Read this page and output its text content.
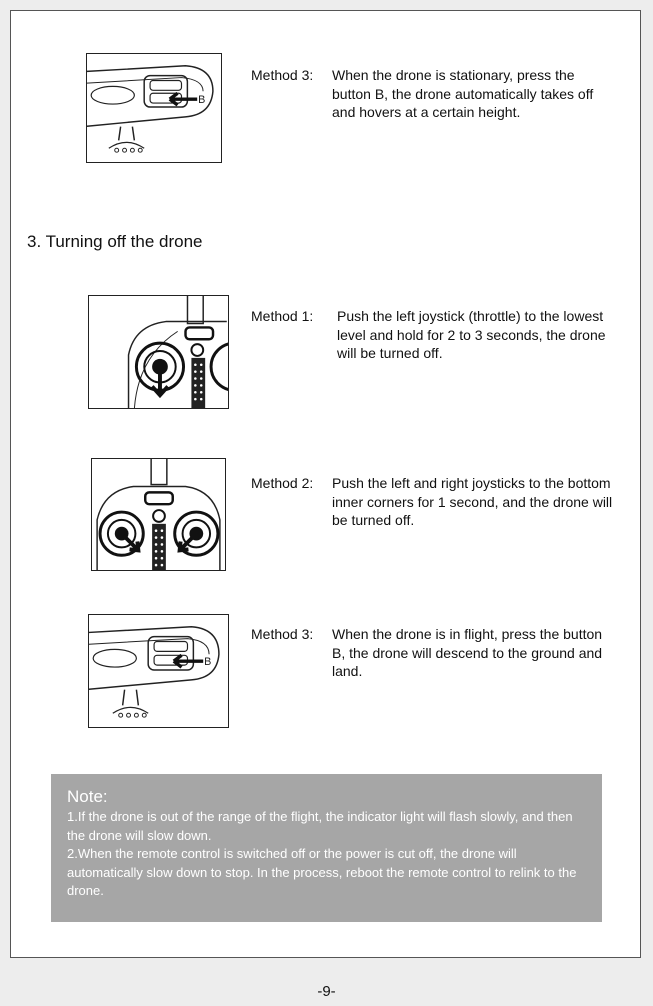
B
Method 3: When the drone is stationary, press the button B, the drone automatically takes off and hovers at a certain height.
3. Turning off the drone
Method 1: Push the left joystick (throttle) to the lowest level and hold for 2 to 3 seconds, the drone will be turned off.
Method 2: Push the left and right joysticks to the bottom inner corners for 1 second, and the drone will be turned off.
B
Method 3: When the drone is in flight, press the button B, the drone will descend to the ground and land.
Note:
1.If the drone is out of the range of the flight, the indicator light will flash slowly, and then the drone will slow down.
2.When the remote control is switched off or the power is cut off, the drone will automatically slow down to stop. In the process, reboot the remote control to relink to the drone.
-9-
